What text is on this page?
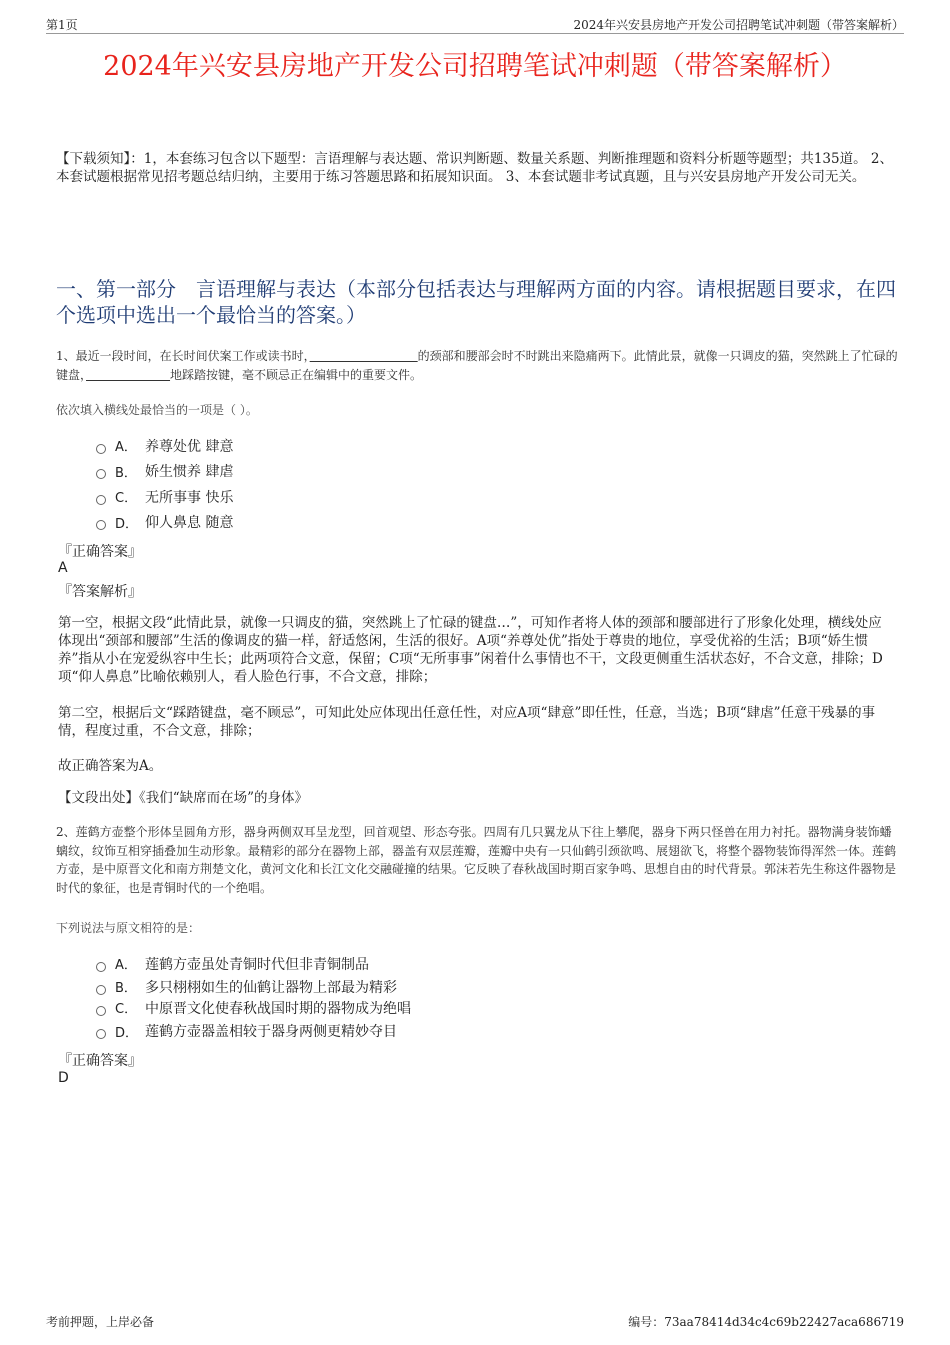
第1页	2024年兴安县房地产开发公司招聘笔试冲刺题（带答案解析）
2024年兴安县房地产开发公司招聘笔试冲刺题（带答案解析）
【下载须知】：1，本套练习包含以下题型：言语理解与表达题、常识判断题、数量关系题、判断推理题和资料分析题等题型；共135道。 2、本套试题根据常见招考题总结归纳，主要用于练习答题思路和拓展知识面。 3、本套试题非考试真题，且与兴安县房地产开发公司无关。
一、第一部分　言语理解与表达（本部分包括表达与理解两方面的内容。请根据题目要求，在四个选项中选出一个最恰当的答案。）
1、最近一段时间，在长时间伏案工作或读书时，　　　　　　　　　	的颈部和腰部会时不时跳出来隐痛两下。此情此景，就像一只调皮的猫，突然跳上了忙碌的键盘，　　　　　　　	地踩踏按键，毫不顾忌正在编辑中的重要文件。
依次填入横线处最恰当的一项是（ ）。
A． 养尊处优 肆意
B． 娇生惯养 肆虐
C． 无所事事 快乐
D． 仰人鼻息 随意
『正确答案』
A
『答案解析』
第一空，根据文段“此情此景，就像一只调皮的猫，突然跳上了忙碌的键盘…”，可知作者将人体的颈部和腰部进行了形象化处理，横线处应体现出“颈部和腰部”生活的像调皮的猫一样，舒适悠闲，生活的很好。A项“养尊处优”指处于尊贵的地位，享受优裕的生活；B项“娇生惯养”指从小在宠爱纵容中生长；此两项符合文意，保留；C项“无所事事”闲着什么事情也不干，文段更侧重生活状态好，不合文意，排除；D项“仰人鼻息”比喻依赖别人，看人脸色行事，不合文意，排除；
第二空，根据后文“踩踏键盘，毫不顾忌”，可知此处应体现出任意任性，对应A项“肆意”即任性，任意，当选；B项“肆虐”任意干残暴的事情，程度过重，不合文意，排除；
故正确答案为A。
【文段出处】《我们“缺席而在场”的身体》
2、莲鹤方壶整个形体呈圆角方形，器身两侧双耳呈龙型，回首观望、形态夸张。四周有几只翼龙从下往上攀爬，器身下两只怪兽在用力衬托。器物满身装饰蟠螭纹，纹饰互相穿插叠加生动形象。最精彩的部分在器物上部，器盖有双层莲瓣，莲瓣中央有一只仙鹤引颈欲鸣、展翅欲飞，将整个器物装饰得浑然一体。莲鹤方壶，是中原晋文化和南方荆楚文化，黄河文化和长江文化交融碰撞的结果。它反映了春秋战国时期百家争鸣、思想自由的时代背景。郭沫若先生称这件器物是时代的象征，也是青铜时代的一个绝唱。
下列说法与原文相符的是：
A． 莲鹤方壶虽处青铜时代但非青铜制品
B． 多只栩栩如生的仙鹤让器物上部最为精彩
C． 中原晋文化使春秋战国时期的器物成为绝唱
D． 莲鹤方壶器盖相较于器身两侧更精妙夺目
『正确答案』
D
考前押题，上岸必备	编号：73aa78414d34c4c69b22427aca686719
